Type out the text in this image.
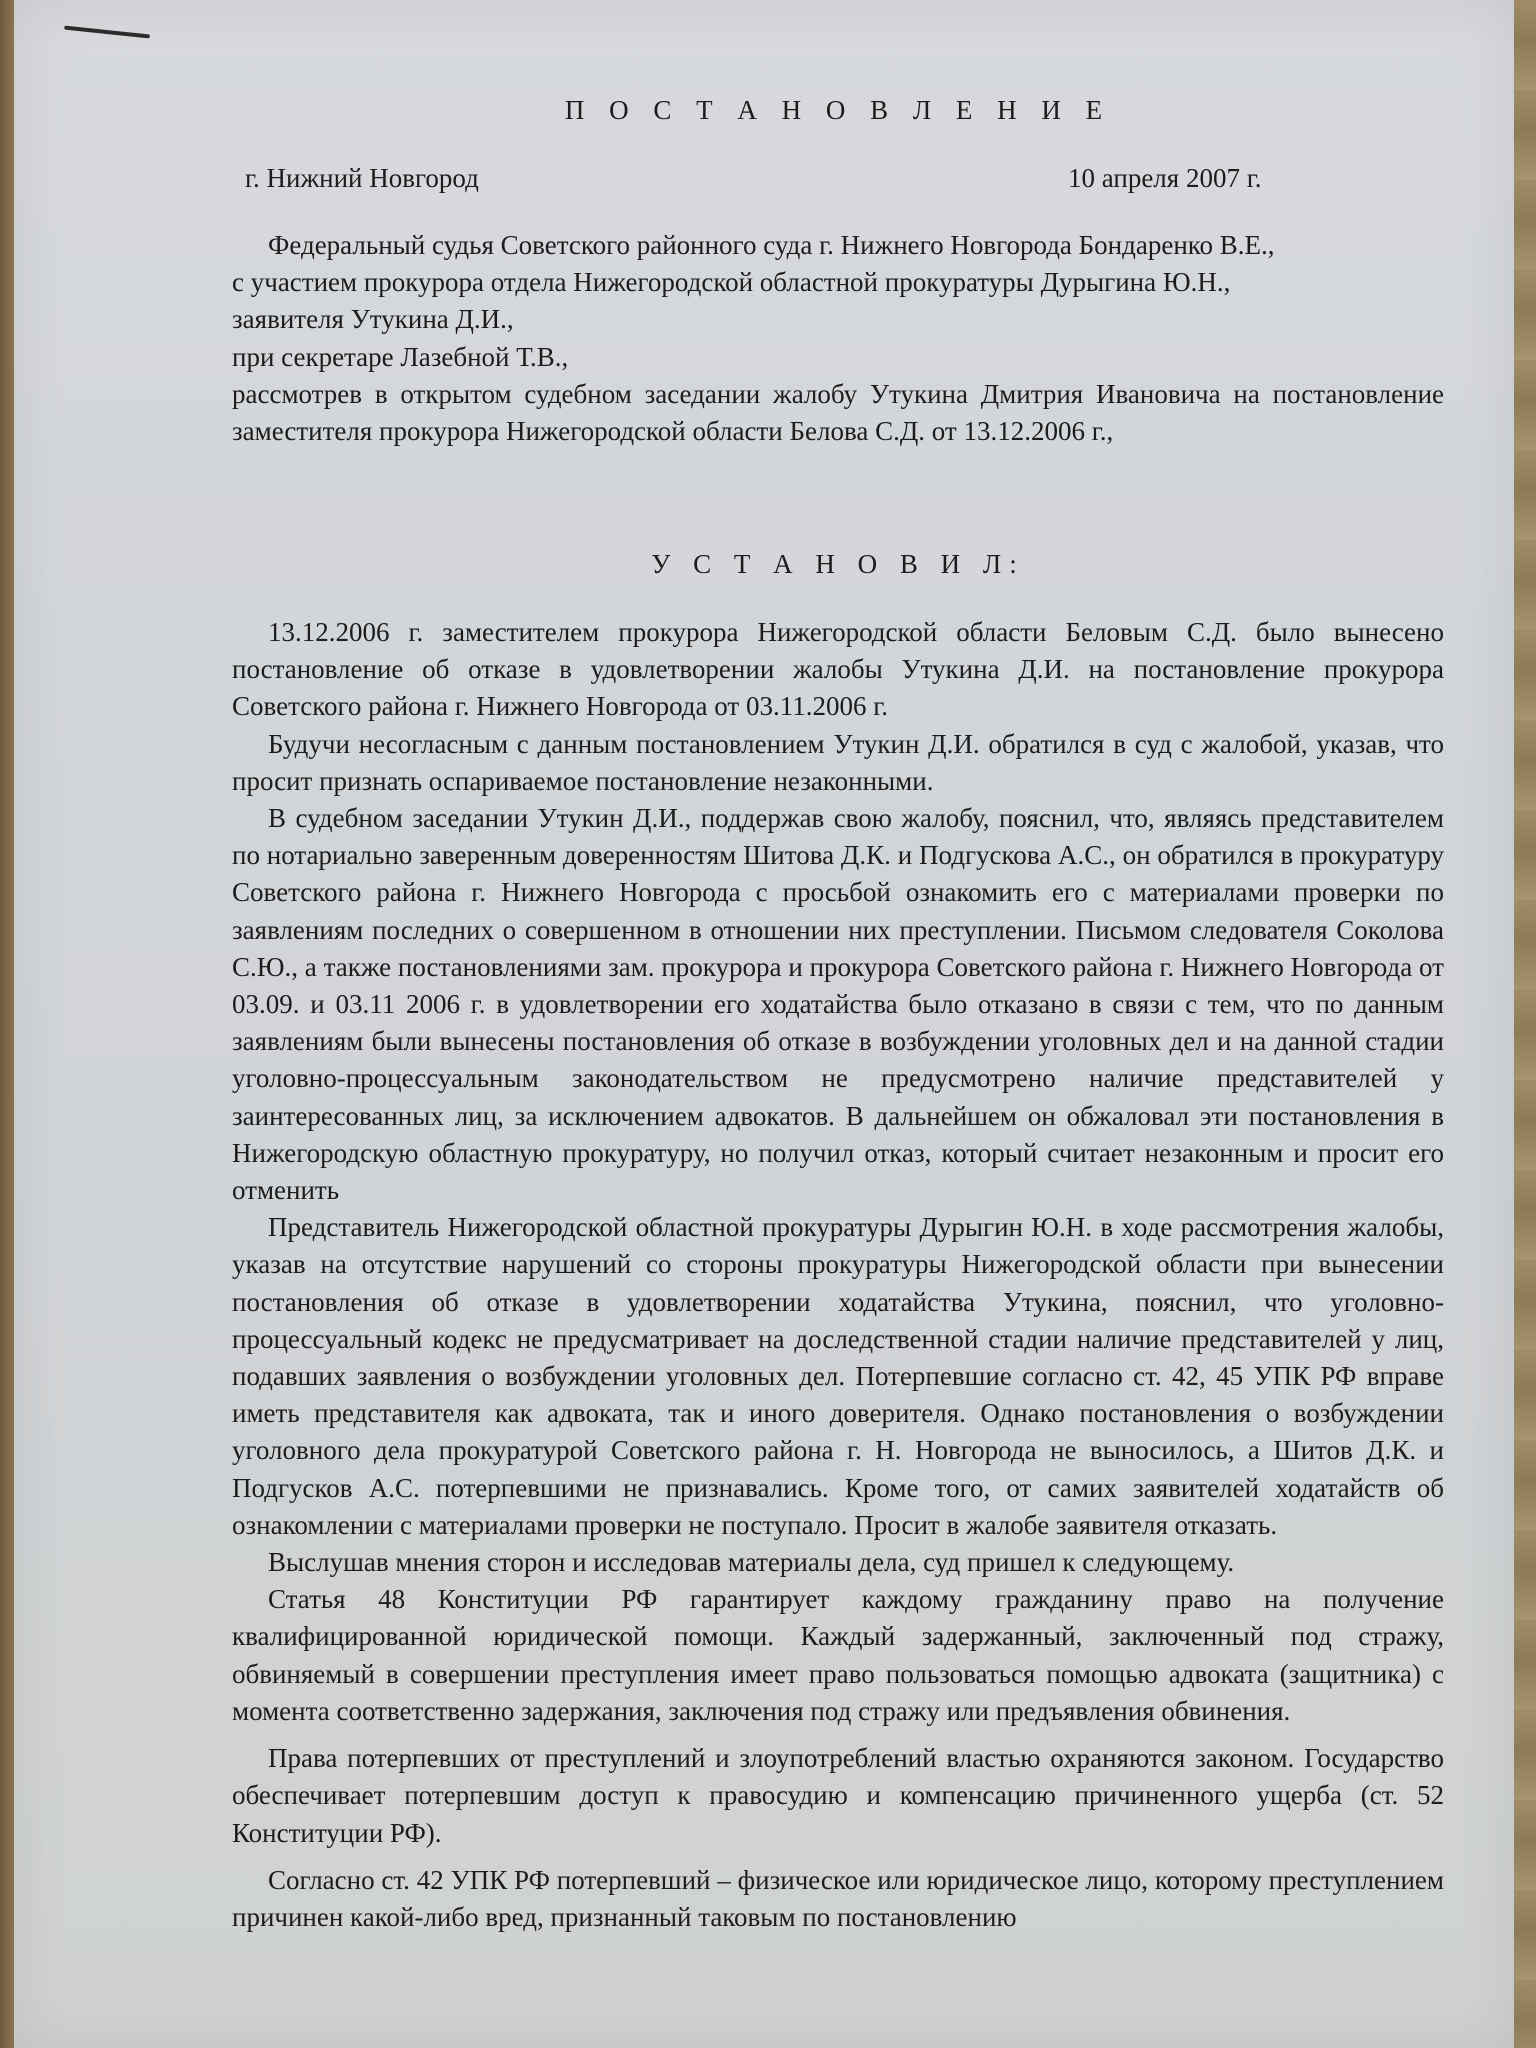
П О С Т А Н О В Л Е Н И Е
г. Нижний Новгород	10 апреля 2007 г.

Федеральный судья Советского районного суда г. Нижнего Новгорода Бондаренко В.Е.,

с участием прокурора отдела Нижегородской областной прокуратуры Дурыгина Ю.Н.,

заявителя Утукина Д.И.,

при секретаре Лазебной Т.В.,

рассмотрев в открытом судебном заседании жалобу Утукина Дмитрия Ивановича на постановление заместителя прокурора Нижегородской области Белова С.Д. от 13.12.2006 г.,

У С Т А Н О В И Л:

13.12.2006 г. заместителем прокурора Нижегородской области Беловым С.Д. было вынесено постановление об отказе в удовлетворении жалобы Утукина Д.И. на постановление прокурора Советского района г. Нижнего Новгорода от 03.11.2006 г.

Будучи несогласным с данным постановлением Утукин Д.И. обратился в суд с жалобой, указав, что просит признать оспариваемое постановление незаконными.

В судебном заседании Утукин Д.И., поддержав свою жалобу, пояснил, что, являясь представителем по нотариально заверенным доверенностям Шитова Д.К. и Подгускова А.С., он обратился в прокуратуру Советского района г. Нижнего Новгорода с просьбой ознакомить его с материалами проверки по заявлениям последних о совершенном в отношении них преступлении. Письмом следователя Соколова С.Ю., а также постановлениями зам. прокурора и прокурора Советского района г. Нижнего Новгорода от 03.09. и 03.11 2006 г. в удовлетворении его ходатайства было отказано в связи с тем, что по данным заявлениям были вынесены постановления об отказе в возбуждении уголовных дел и на данной стадии уголовно-процессуальным законодательством не предусмотрено наличие представителей у заинтересованных лиц, за исключением адвокатов. В дальнейшем он обжаловал эти постановления в Нижегородскую областную прокуратуру, но получил отказ, который считает незаконным и просит его отменить

Представитель Нижегородской областной прокуратуры Дурыгин Ю.Н. в ходе рассмотрения жалобы, указав на отсутствие нарушений со стороны прокуратуры Нижегородской области при вынесении постановления об отказе в удовлетворении ходатайства Утукина, пояснил, что уголовно-процессуальный кодекс не предусматривает на доследственной стадии наличие представителей у лиц, подавших заявления о возбуждении уголовных дел. Потерпевшие согласно ст. 42, 45 УПК РФ вправе иметь представителя как адвоката, так и иного доверителя. Однако постановления о возбуждении уголовного дела прокуратурой Советского района г. Н. Новгорода не выносилось, а Шитов Д.К. и Подгусков А.С. потерпевшими не признавались. Кроме того, от самих заявителей ходатайств об ознакомлении с материалами проверки не поступало. Просит в жалобе заявителя отказать.

Выслушав мнения сторон и исследовав материалы дела, суд пришел к следующему.

Статья 48 Конституции РФ гарантирует каждому гражданину право на получение квалифицированной юридической помощи. Каждый задержанный, заключенный под стражу, обвиняемый в совершении преступления имеет право пользоваться помощью адвоката (защитника) с момента соответственно задержания, заключения под стражу или предъявления обвинения.

Права потерпевших от преступлений и злоупотреблений властью охраняются законом. Государство обеспечивает потерпевшим доступ к правосудию и компенсацию причиненного ущерба (ст. 52 Конституции РФ).

Согласно ст. 42 УПК РФ потерпевший – физическое или юридическое лицо, которому преступлением причинен какой-либо вред, признанный таковым по постановлению
